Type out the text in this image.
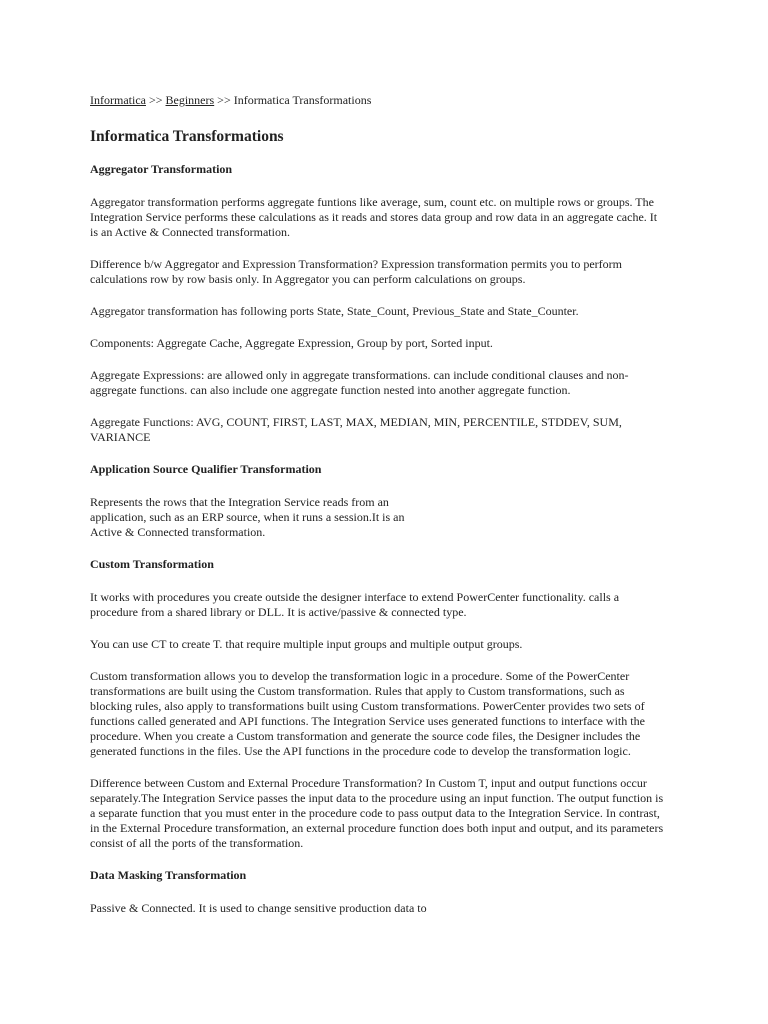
Informatica >> Beginners >> Informatica Transformations
Informatica Transformations
Aggregator Transformation

Aggregator transformation performs aggregate funtions like average, sum, count etc. on multiple rows or groups. The Integration Service performs these calculations as it reads and stores data group and row data in an aggregate cache. It is an Active & Connected transformation.

Difference b/w Aggregator and Expression Transformation? Expression transformation permits you to perform calculations row by row basis only. In Aggregator you can perform calculations on groups.

Aggregator transformation has following ports State, State_Count, Previous_State and State_Counter.

Components: Aggregate Cache, Aggregate Expression, Group by port, Sorted input.

Aggregate Expressions: are allowed only in aggregate transformations. can include conditional clauses and non-aggregate functions. can also include one aggregate function nested into another aggregate function.

Aggregate Functions: AVG, COUNT, FIRST, LAST, MAX, MEDIAN, MIN, PERCENTILE, STDDEV, SUM, VARIANCE

Application Source Qualifier Transformation

Represents the rows that the Integration Service reads from an application, such as an ERP source, when it runs a session.It is an Active & Connected transformation.

Custom Transformation

It works with procedures you create outside the designer interface to extend PowerCenter functionality. calls a procedure from a shared library or DLL. It is active/passive & connected type.

You can use CT to create T. that require multiple input groups and multiple output groups.

Custom transformation allows you to develop the transformation logic in a procedure. Some of the PowerCenter transformations are built using the Custom transformation. Rules that apply to Custom transformations, such as blocking rules, also apply to transformations built using Custom transformations. PowerCenter provides two sets of functions called generated and API functions. The Integration Service uses generated functions to interface with the procedure. When you create a Custom transformation and generate the source code files, the Designer includes the generated functions in the files. Use the API functions in the procedure code to develop the transformation logic.

Difference between Custom and External Procedure Transformation? In Custom T, input and output functions occur separately.The Integration Service passes the input data to the procedure using an input function. The output function is a separate function that you must enter in the procedure code to pass output data to the Integration Service. In contrast, in the External Procedure transformation, an external procedure function does both input and output, and its parameters consist of all the ports of the transformation.

Data Masking Transformation

Passive & Connected. It is used to change sensitive production data to
